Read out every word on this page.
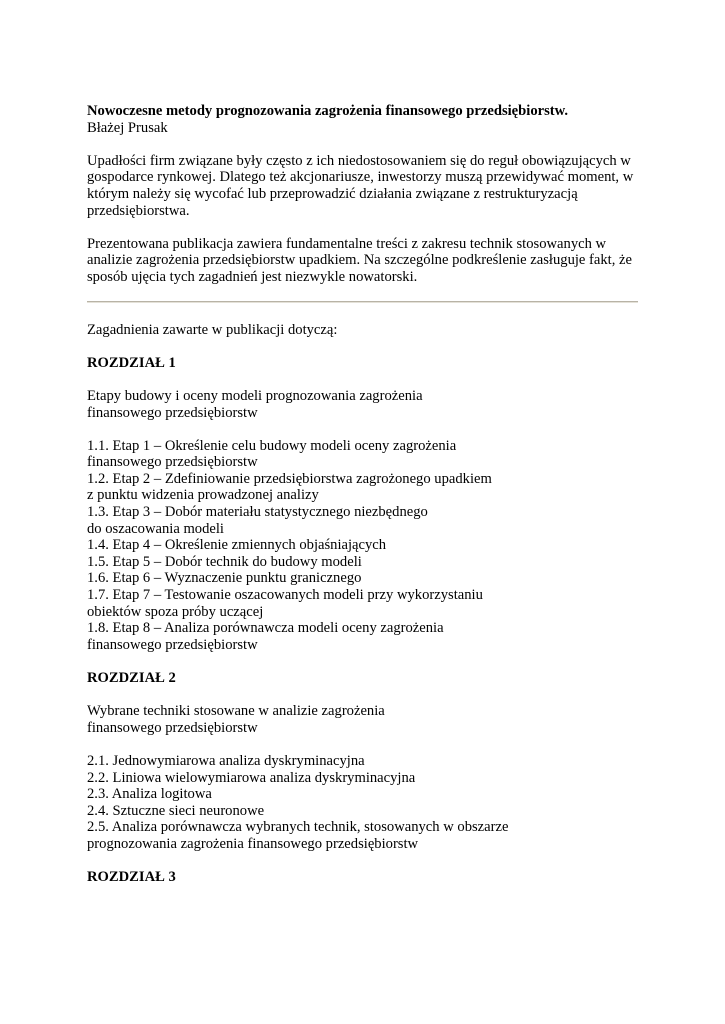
Nowoczesne metody prognozowania zagrożenia finansowego przedsiębiorstw.
Błażej Prusak
Upadłości firm związane były często z ich niedostosowaniem się do reguł obowiązujących w
gospodarce rynkowej. Dlatego też akcjonariusze, inwestorzy muszą przewidywać moment, w
którym należy się wycofać lub przeprowadzić działania związane z restrukturyzacją
przedsiębiorstwa.
Prezentowana publikacja zawiera fundamentalne treści z zakresu technik stosowanych w
analizie zagrożenia przedsiębiorstw upadkiem. Na szczególne podkreślenie zasługuje fakt, że
sposób ujęcia tych zagadnień jest niezwykle nowatorski.
Zagadnienia zawarte w publikacji dotyczą:
ROZDZIAŁ 1
Etapy budowy i oceny modeli prognozowania zagrożenia
finansowego przedsiębiorstw
1.1. Etap 1 – Określenie celu budowy modeli oceny zagrożenia
finansowego przedsiębiorstw
1.2. Etap 2 – Zdefiniowanie przedsiębiorstwa zagrożonego upadkiem
z punktu widzenia prowadzonej analizy
1.3. Etap 3 – Dobór materiału statystycznego niezbędnego
do oszacowania modeli
1.4. Etap 4 – Określenie zmiennych objaśniających
1.5. Etap 5 – Dobór technik do budowy modeli
1.6. Etap 6 – Wyznaczenie punktu granicznego
1.7. Etap 7 – Testowanie oszacowanych modeli przy wykorzystaniu
obiektów spoza próby uczącej
1.8. Etap 8 – Analiza porównawcza modeli oceny zagrożenia
finansowego przedsiębiorstw
ROZDZIAŁ 2
Wybrane techniki stosowane w analizie zagrożenia
finansowego przedsiębiorstw
2.1. Jednowymiarowa analiza dyskryminacyjna
2.2. Liniowa wielowymiarowa analiza dyskryminacyjna
2.3. Analiza logitowa
2.4. Sztuczne sieci neuronowe
2.5. Analiza porównawcza wybranych technik, stosowanych w obszarze
prognozowania zagrożenia finansowego przedsiębiorstw
ROZDZIAŁ 3
